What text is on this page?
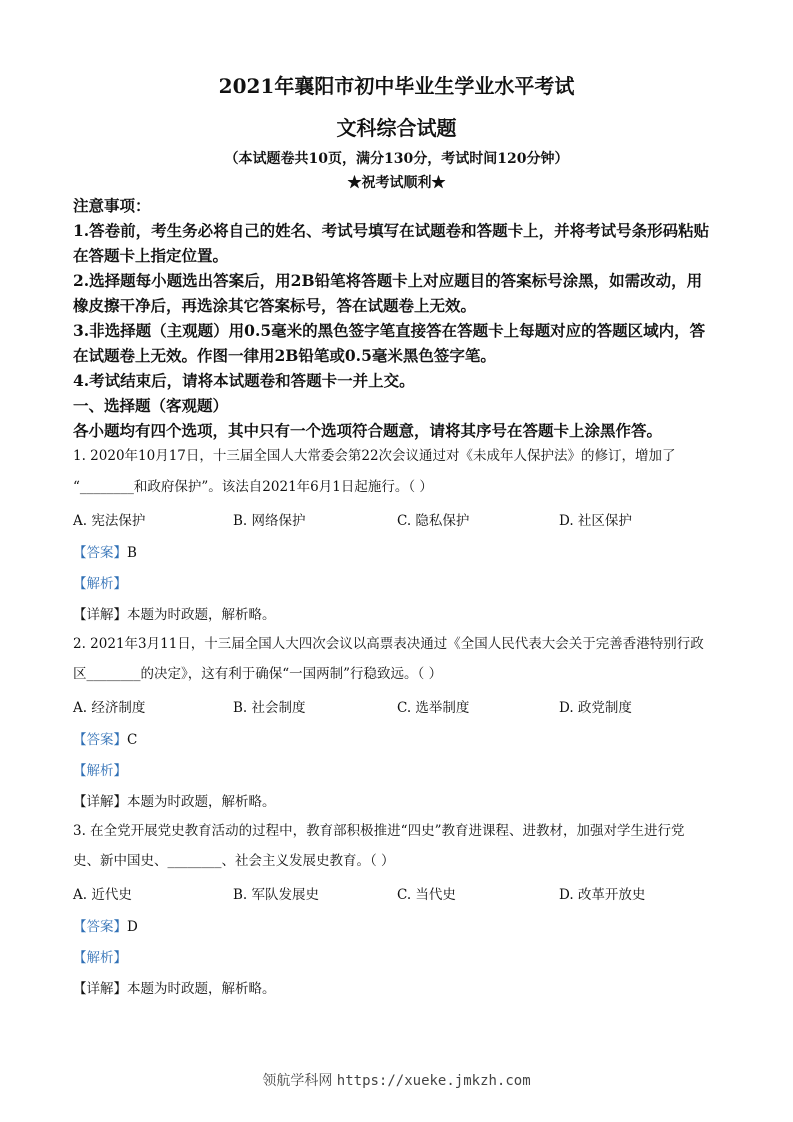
2021年襄阳市初中毕业生学业水平考试
文科综合试题
（本试题卷共10页，满分130分，考试时间120分钟）
★祝考试顺利★
注意事项：
1.答卷前，考生务必将自己的姓名、考试号填写在试题卷和答题卡上，并将考试号条形码粘贴
在答题卡上指定位置。
2.选择题每小题选出答案后，用2B铅笔将答题卡上对应题目的答案标号涂黑，如需改动，用
橡皮擦干净后，再选涂其它答案标号，答在试题卷上无效。
3.非选择题（主观题）用0.5毫米的黑色签字笔直接答在答题卡上每题对应的答题区域内，答
在试题卷上无效。作图一律用2B铅笔或0.5毫米黑色签字笔。
4.考试结束后，请将本试题卷和答题卡一并上交。
一、选择题（客观题）
各小题均有四个选项，其中只有一个选项符合题意，请将其序号在答题卡上涂黑作答。
1. 2020年10月17日，十三届全国人大常委会第22次会议通过对《未成年人保护法》的修订，增加了
“________和政府保护”。该法自2021年6月1日起施行。（ ）
A. 宪法保护	B. 网络保护	C. 隐私保护	D. 社区保护
【答案】B
【解析】
【详解】本题为时政题，解析略。
2. 2021年3月11日，十三届全国人大四次会议以高票表决通过《全国人民代表大会关于完善香港特别行政
区________的决定》，这有利于确保“一国两制”行稳致远。（ ）
A. 经济制度	B. 社会制度	C. 选举制度	D. 政党制度
【答案】C
【解析】
【详解】本题为时政题，解析略。
3. 在全党开展党史教育活动的过程中，教育部积极推进“四史”教育进课程、进教材，加强对学生进行党
史、新中国史、________、社会主义发展史教育。（ ）
A. 近代史	B. 军队发展史	C. 当代史	D. 改革开放史
【答案】D
【解析】
【详解】本题为时政题，解析略。
领航学科网 https://xueke.jmkzh.com
